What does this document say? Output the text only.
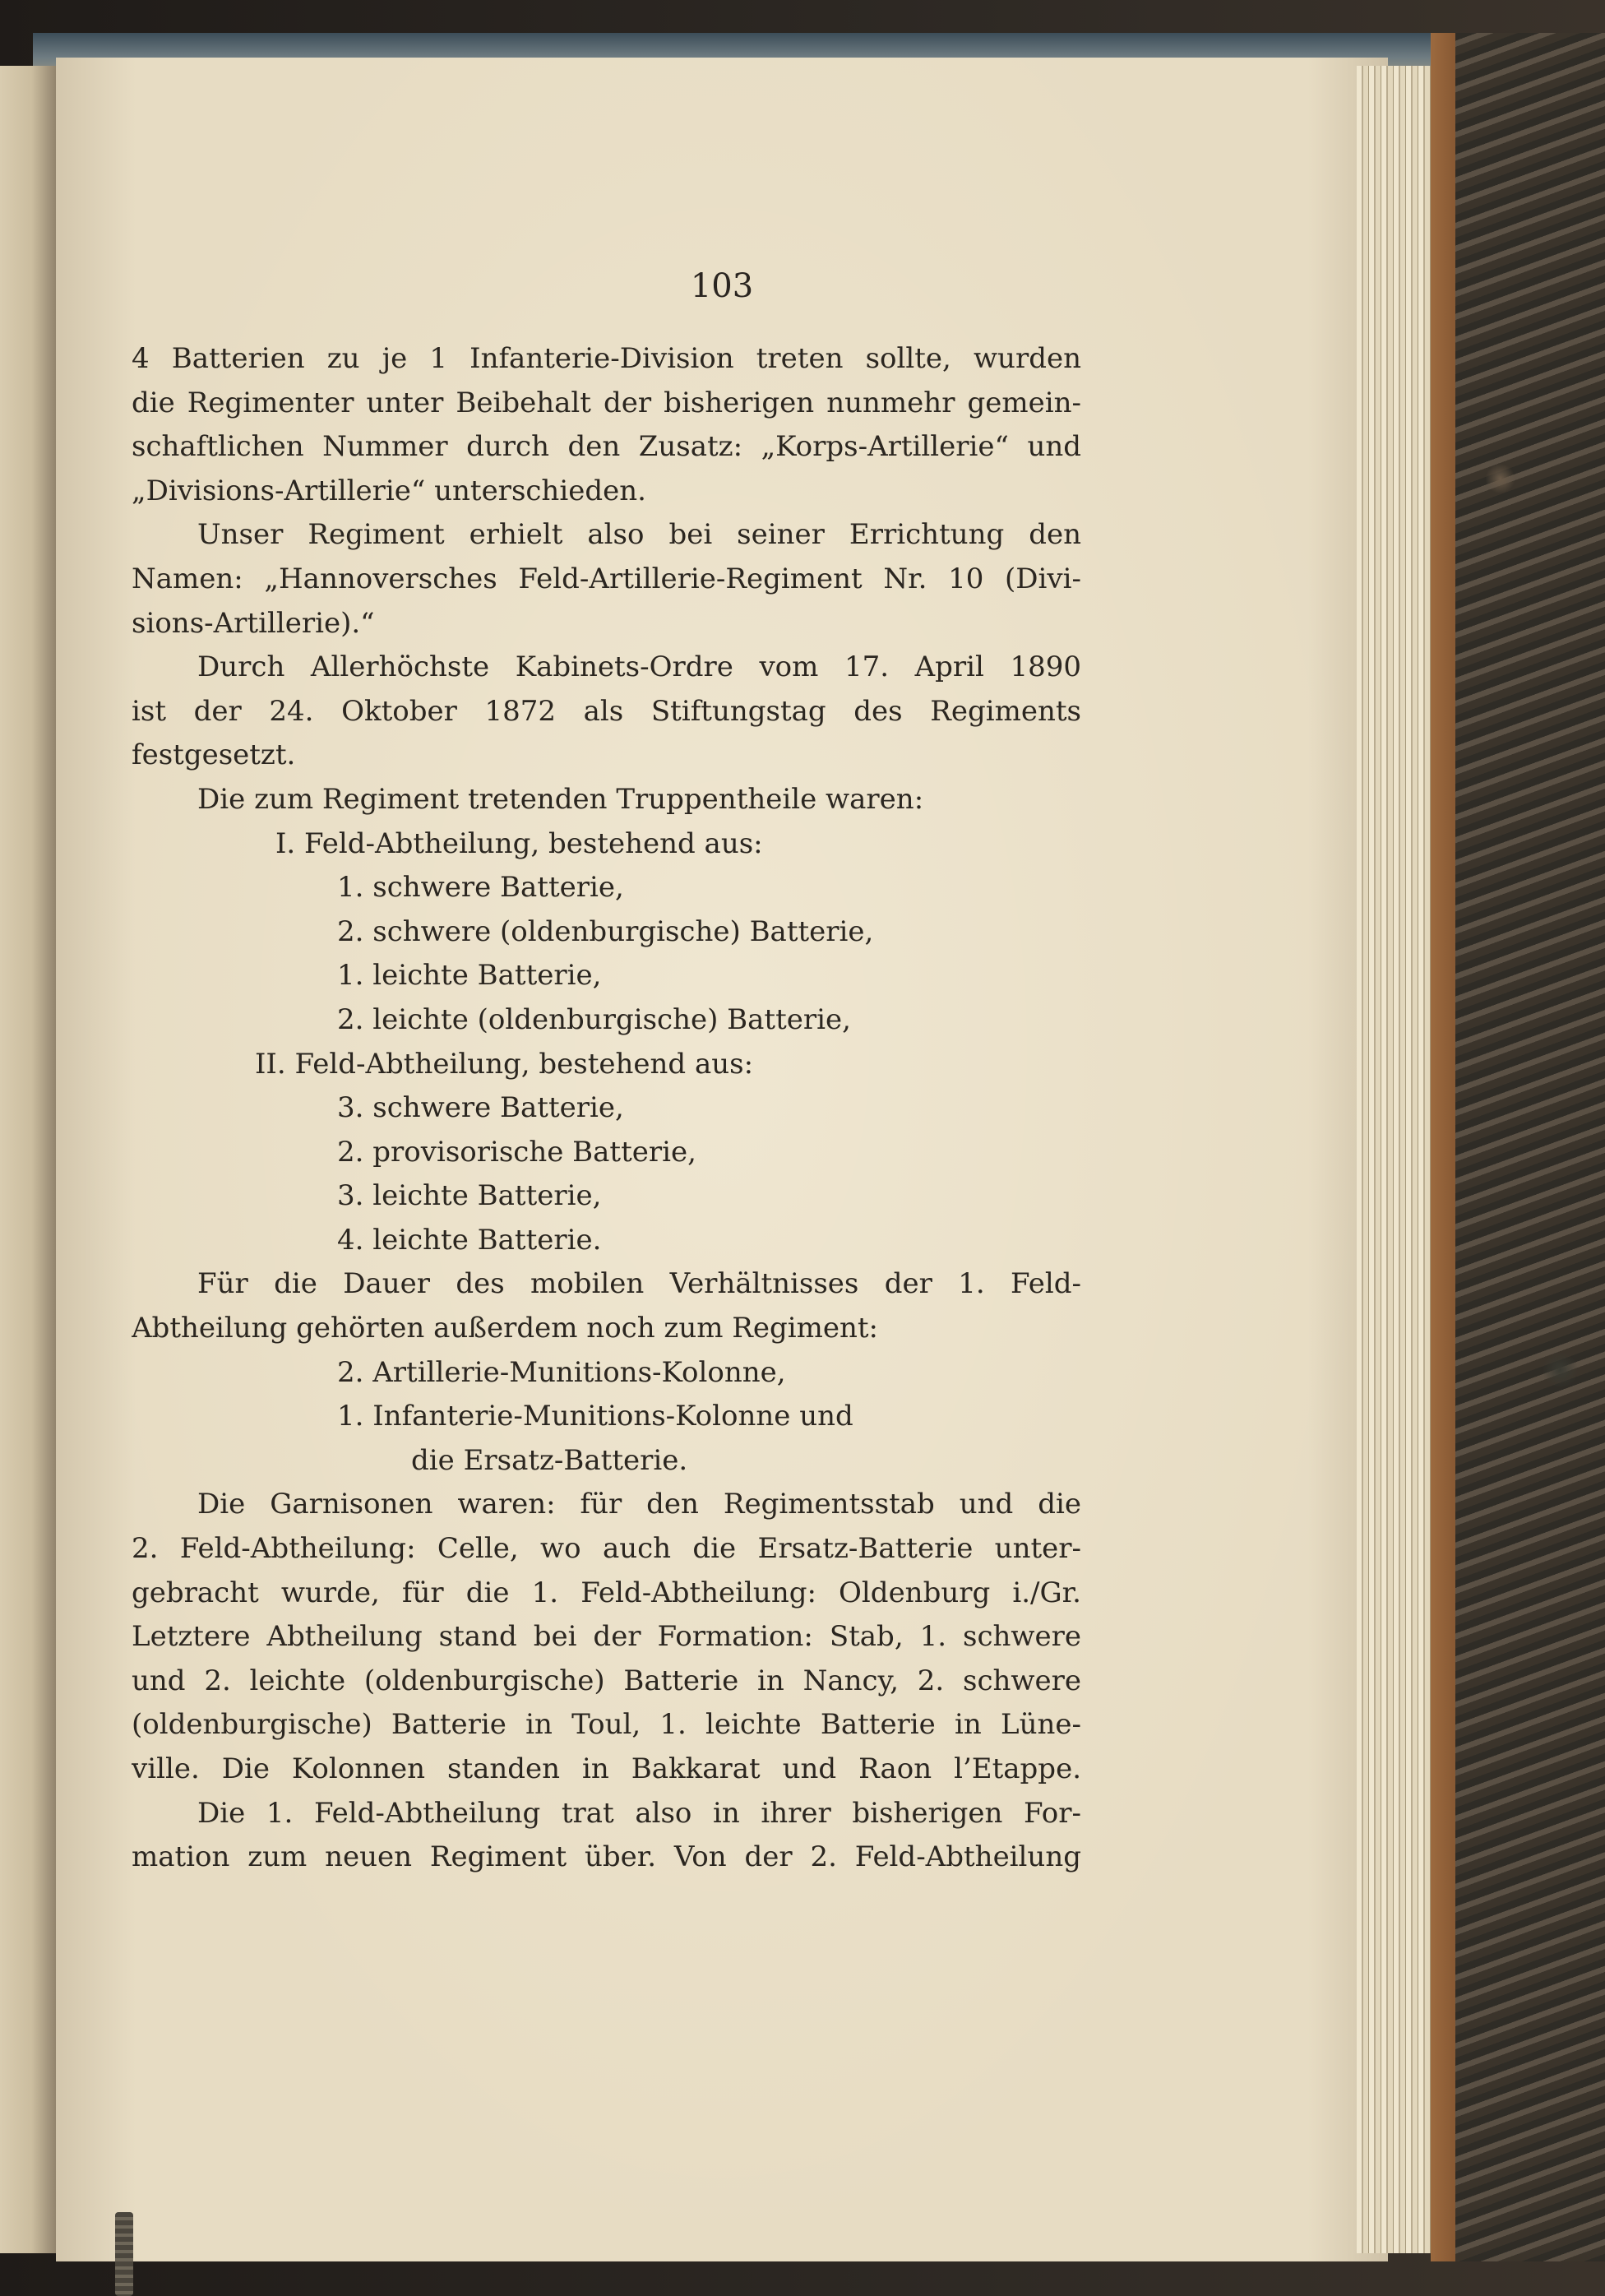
103
4 Batterien zu je 1 Infanterie-Division treten sollte, wurden
die Regimenter unter Beibehalt der bisherigen nunmehr gemein-
schaftlichen Nummer durch den Zusatz: „Korps-Artillerie“ und
„Divisions-Artillerie“ unterschieden.
Unser Regiment erhielt also bei seiner Errichtung den
Namen: „Hannoversches Feld-Artillerie-Regiment Nr. 10 (Divi-
sions-Artillerie).“
Durch Allerhöchste Kabinets-Ordre vom 17. April 1890
ist der 24. Oktober 1872 als Stiftungstag des Regiments
festgesetzt.
Die zum Regiment tretenden Truppentheile waren:
I. Feld-Abtheilung, bestehend aus:
1. schwere Batterie,
2. schwere (oldenburgische) Batterie,
1. leichte Batterie,
2. leichte (oldenburgische) Batterie,
II. Feld-Abtheilung, bestehend aus:
3. schwere Batterie,
2. provisorische Batterie,
3. leichte Batterie,
4. leichte Batterie.
Für die Dauer des mobilen Verhältnisses der 1. Feld-
Abtheilung gehörten außerdem noch zum Regiment:
2. Artillerie-Munitions-Kolonne,
1. Infanterie-Munitions-Kolonne und
die Ersatz-Batterie.
Die Garnisonen waren: für den Regimentsstab und die
2. Feld-Abtheilung: Celle, wo auch die Ersatz-Batterie unter-
gebracht wurde, für die 1. Feld-Abtheilung: Oldenburg i./Gr.
Letztere Abtheilung stand bei der Formation: Stab, 1. schwere
und 2. leichte (oldenburgische) Batterie in Nancy, 2. schwere
(oldenburgische) Batterie in Toul, 1. leichte Batterie in Lüne-
ville. Die Kolonnen standen in Bakkarat und Raon l’Etappe.
Die 1. Feld-Abtheilung trat also in ihrer bisherigen For-
mation zum neuen Regiment über. Von der 2. Feld-Abtheilung
